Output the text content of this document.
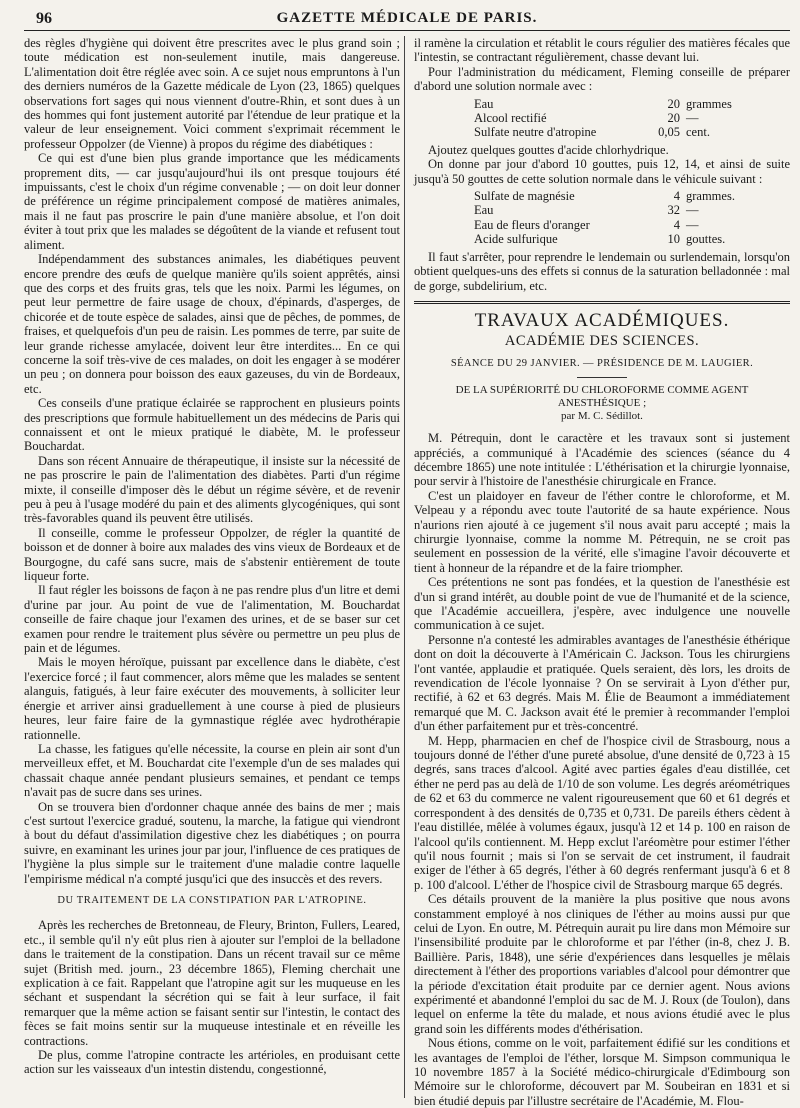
96	GAZETTE MÉDICALE DE PARIS.

des règles d'hygiène qui doivent être prescrites avec le plus grand soin ; toute médication est non-seulement inutile, mais dangereuse. L'alimentation doit être réglée avec soin. A ce sujet nous empruntons à l'un des derniers numéros de la Gazette médicale de Lyon (23, 1865) quelques observations fort sages qui nous viennent d'outre-Rhin, et sont dues à un des hommes qui font justement autorité par l'étendue de leur pratique et la valeur de leur enseignement. Voici comment s'exprimait récemment le professeur Oppolzer (de Vienne) à propos du régime des diabétiques :

Ce qui est d'une bien plus grande importance que les médicaments proprement dits, — car jusqu'aujourd'hui ils ont presque toujours été impuissants, c'est le choix d'un régime convenable ; — on doit leur donner de préférence un régime principalement composé de matières animales, mais il ne faut pas proscrire le pain d'une manière absolue, et l'on doit éviter à tout prix que les malades se dégoûtent de la viande et refusent tout aliment.

Indépendamment des substances animales, les diabétiques peuvent encore prendre des œufs de quelque manière qu'ils soient apprêtés, ainsi que des corps et des fruits gras, tels que les noix. Parmi les légumes, on peut leur permettre de faire usage de choux, d'épinards, d'asperges, de chicorée et de toute espèce de salades, ainsi que de pêches, de pommes, de fraises, et quelquefois d'un peu de raisin. Les pommes de terre, par suite de leur grande richesse amylacée, doivent leur être interdites... En ce qui concerne la soif très-vive de ces malades, on doit les engager à se modérer un peu ; on donnera pour boisson des eaux gazeuses, du vin de Bordeaux, etc.

Ces conseils d'une pratique éclairée se rapprochent en plusieurs points des prescriptions que formule habituellement un des médecins de Paris qui connaissent et ont le mieux pratiqué le diabète, M. le professeur Bouchardat.

Dans son récent Annuaire de thérapeutique, il insiste sur la nécessité de ne pas proscrire le pain de l'alimentation des diabètes. Parti d'un régime mixte, il conseille d'imposer dès le début un régime sévère, et de revenir peu à peu à l'usage modéré du pain et des aliments glycogéniques, qui sont très-favorables quand ils peuvent être utilisés.

Il conseille, comme le professeur Oppolzer, de régler la quantité de boisson et de donner à boire aux malades des vins vieux de Bordeaux et de Bourgogne, du café sans sucre, mais de s'abstenir entièrement de toute liqueur forte.

Il faut régler les boissons de façon à ne pas rendre plus d'un litre et demi d'urine par jour. Au point de vue de l'alimentation, M. Bouchardat conseille de faire chaque jour l'examen des urines, et de se baser sur cet examen pour rendre le traitement plus sévère ou permettre un peu plus de pain et de légumes.

Mais le moyen héroïque, puissant par excellence dans le diabète, c'est l'exercice forcé ; il faut commencer, alors même que les malades se sentent alanguis, fatigués, à leur faire exécuter des mouvements, à solliciter leur énergie et arriver ainsi graduellement à une course à pied de plusieurs heures, leur faire faire de la gymnastique réglée avec hydrothérapie rationnelle.

La chasse, les fatigues qu'elle nécessite, la course en plein air sont d'un merveilleux effet, et M. Bouchardat cite l'exemple d'un de ses malades qui chassait chaque année pendant plusieurs semaines, et pendant ce temps n'avait pas de sucre dans ses urines.

On se trouvera bien d'ordonner chaque année des bains de mer ; mais c'est surtout l'exercice gradué, soutenu, la marche, la fatigue qui viendront à bout du défaut d'assimilation digestive chez les diabétiques ; on pourra suivre, en examinant les urines jour par jour, l'influence de ces pratiques de l'hygiène la plus simple sur le traitement d'une maladie contre laquelle l'empirisme médical n'a compté jusqu'ici que des insuccès et des revers.

DU TRAITEMENT DE LA CONSTIPATION PAR L'ATROPINE.

Après les recherches de Bretonneau, de Fleury, Brinton, Fullers, Leared, etc., il semble qu'il n'y eût plus rien à ajouter sur l'emploi de la belladone dans le traitement de la constipation. Dans un récent travail sur ce même sujet (British med. journ., 23 décembre 1865), Fleming cherchait une explication à ce fait. Rappelant que l'atropine agit sur les muqueuse en les séchant et suspendant la sécrétion qui se fait à leur surface, il fait remarquer que la même action se faisant sentir sur l'intestin, le contact des fèces se fait moins sentir sur la muqueuse intestinale et en réveille les contractions.

De plus, comme l'atropine contracte les artérioles, en produisant cette action sur les vaisseaux d'un intestin distendu, congestionné,

il ramène la circulation et rétablit le cours régulier des matières fécales que l'intestin, se contractant régulièrement, chasse devant lui.

Pour l'administration du médicament, Fleming conseille de préparer d'abord une solution normale avec :

Eau	20 grammes
Alcool rectifié	20 —
Sulfate neutre d'atropine	0,05 cent.

Ajoutez quelques gouttes d'acide chlorhydrique.

On donne par jour d'abord 10 gouttes, puis 12, 14, et ainsi de suite jusqu'à 50 gouttes de cette solution normale dans le véhicule suivant :

Sulfate de magnésie	4 grammes.
Eau	32 —
Eau de fleurs d'oranger	4 —
Acide sulfurique	10 gouttes.

Il faut s'arrêter, pour reprendre le lendemain ou surlendemain, lorsqu'on obtient quelques-uns des effets si connus de la saturation belladonnée : mal de gorge, subdelirium, etc.

TRAVAUX ACADÉMIQUES.
ACADÉMIE DES SCIENCES.
SÉANCE DU 29 JANVIER. — PRÉSIDENCE DE M. LAUGIER.
DE LA SUPÉRIORITÉ DU CHLOROFORME COMME AGENT ANESTHÉSIQUE ;
par M. C. Sédillot.

M. Pétrequin, dont le caractère et les travaux sont si justement appréciés, a communiqué à l'Académie des sciences (séance du 4 décembre 1865) une note intitulée : L'éthérisation et la chirurgie lyonnaise, pour servir à l'histoire de l'anesthésie chirurgicale en France.

C'est un plaidoyer en faveur de l'éther contre le chloroforme, et M. Velpeau y a répondu avec toute l'autorité de sa haute expérience. Nous n'aurions rien ajouté à ce jugement s'il nous avait paru accepté ; mais la chirurgie lyonnaise, comme la nomme M. Pétrequin, ne se croit pas seulement en possession de la vérité, elle s'imagine l'avoir découverte et tient à honneur de la répandre et de la faire triompher.

Ces prétentions ne sont pas fondées, et la question de l'anesthésie est d'un si grand intérêt, au double point de vue de l'humanité et de la science, que l'Académie accueillera, j'espère, avec indulgence une nouvelle communication à ce sujet.

Personne n'a contesté les admirables avantages de l'anesthésie éthérique dont on doit la découverte à l'Américain C. Jackson. Tous les chirurgiens l'ont vantée, applaudie et pratiquée. Quels seraient, dès lors, les droits de revendication de l'école lyonnaise ? On se servirait à Lyon d'éther pur, rectifié, à 62 et 63 degrés. Mais M. Élie de Beaumont a immédiatement remarqué que M. C. Jackson avait été le premier à recommander l'emploi d'un éther parfaitement pur et très-concentré.

M. Hepp, pharmacien en chef de l'hospice civil de Strasbourg, nous a toujours donné de l'éther d'une pureté absolue, d'une densité de 0,723 à 15 degrés, sans traces d'alcool. Agité avec parties égales d'eau distillée, cet éther ne perd pas au delà de 1/10 de son volume. Les degrés aréométriques de 62 et 63 du commerce ne valent rigoureusement que 60 et 61 degrés et correspondent à des densités de 0,735 et 0,731. De pareils éthers cèdent à l'eau distillée, mêlée à volumes égaux, jusqu'à 12 et 14 p. 100 en raison de l'alcool qu'ils contiennent. M. Hepp exclut l'aréomètre pour estimer l'éther qu'il nous fournit ; mais si l'on se servait de cet instrument, il faudrait exiger de l'éther à 65 degrés, l'éther à 60 degrés renfermant jusqu'à 6 et 8 p. 100 d'alcool. L'éther de l'hospice civil de Strasbourg marque 65 degrés.

Ces détails prouvent de la manière la plus positive que nous avons constamment employé à nos cliniques de l'éther au moins aussi pur que celui de Lyon. En outre, M. Pétrequin aurait pu lire dans mon Mémoire sur l'insensibilité produite par le chloroforme et par l'éther (in-8, chez J. B. Baillière. Paris, 1848), une série d'expériences dans lesquelles je mêlais directement à l'éther des proportions variables d'alcool pour démontrer que la période d'excitation était produite par ce dernier agent. Nous avions expérimenté et abandonné l'emploi du sac de M. J. Roux (de Toulon), dans lequel on enferme la tête du malade, et nous avions étudié avec le plus grand soin les différents modes d'éthérisation.

Nous étions, comme on le voit, parfaitement édifié sur les conditions et les avantages de l'emploi de l'éther, lorsque M. Simpson communiqua le 10 novembre 1857 à la Société médico-chirurgicale d'Edimbourg son Mémoire sur le chloroforme, découvert par M. Soubeiran en 1831 et si bien étudié depuis par l'illustre secrétaire de l'Académie, M. Flou-
